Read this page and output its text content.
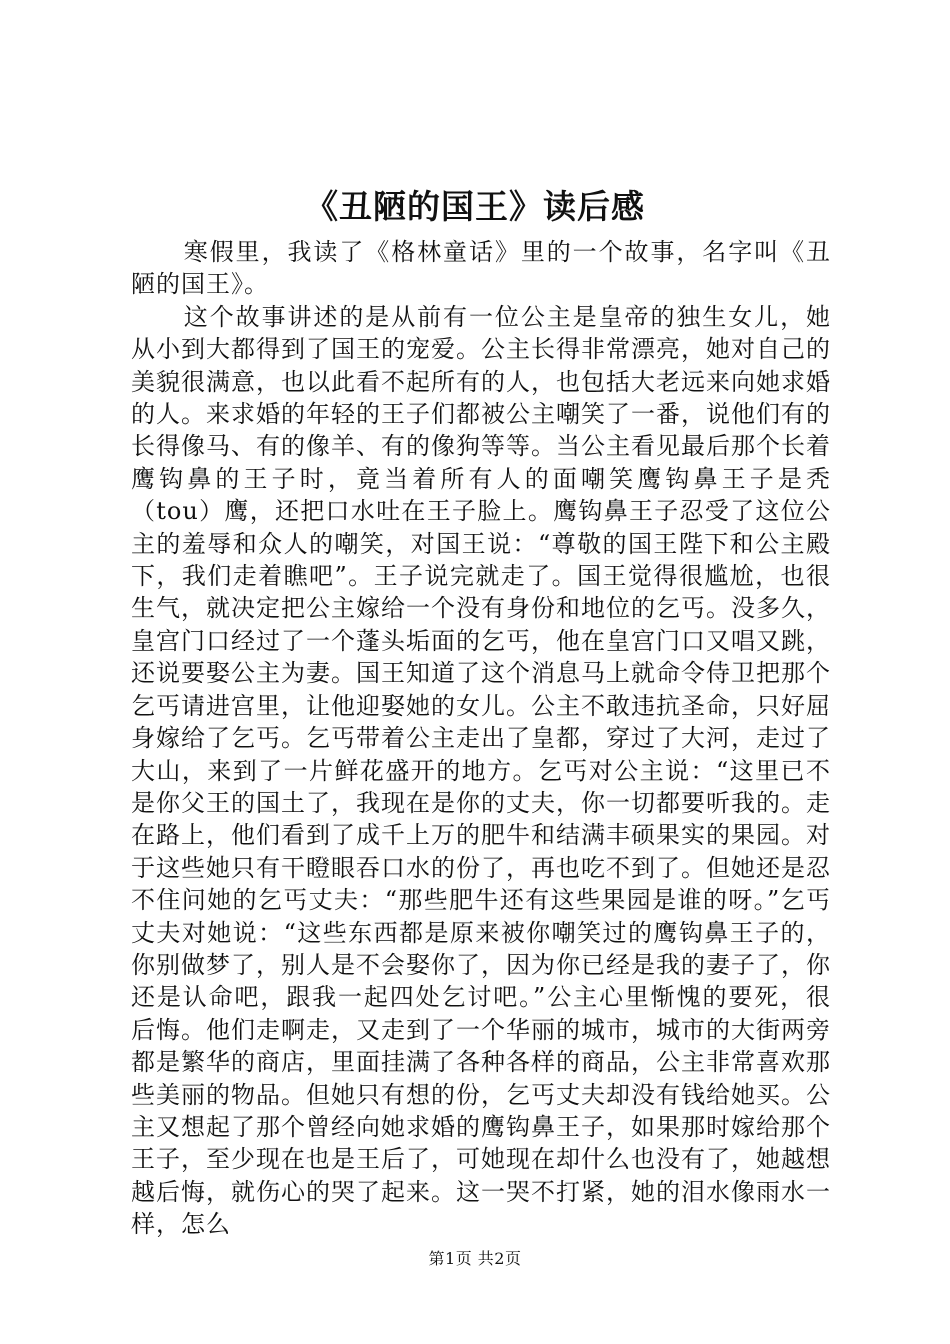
《丑陋的国王》读后感

寒假里，我读了《格林童话》里的一个故事，名字叫《丑陋的国王》。

这个故事讲述的是从前有一位公主是皇帝的独生女儿，她从小到大都得到了国王的宠爱。公主长得非常漂亮，她对自己的美貌很满意，也以此看不起所有的人，也包括大老远来向她求婚的人。来求婚的年轻的王子们都被公主嘲笑了一番，说他们有的长得像马、有的像羊、有的像狗等等。当公主看见最后那个长着鹰钩鼻的王子时，竟当着所有人的面嘲笑鹰钩鼻王子是秃（tou）鹰，还把口水吐在王子脸上。鹰钩鼻王子忍受了这位公主的羞辱和众人的嘲笑，对国王说：“尊敬的国王陛下和公主殿下，我们走着瞧吧”。王子说完就走了。国王觉得很尴尬，也很生气，就决定把公主嫁给一个没有身份和地位的乞丐。没多久，皇宫门口经过了一个蓬头垢面的乞丐，他在皇宫门口又唱又跳，还说要娶公主为妻。国王知道了这个消息马上就命令侍卫把那个乞丐请进宫里，让他迎娶她的女儿。公主不敢违抗圣命，只好屈身嫁给了乞丐。乞丐带着公主走出了皇都，穿过了大河，走过了大山，来到了一片鲜花盛开的地方。乞丐对公主说：“这里已不是你父王的国土了，我现在是你的丈夫，你一切都要听我的。走在路上，他们看到了成千上万的肥牛和结满丰硕果实的果园。对于这些她只有干瞪眼吞口水的份了，再也吃不到了。但她还是忍不住问她的乞丐丈夫：“那些肥牛还有这些果园是谁的呀。”乞丐丈夫对她说：“这些东西都是原来被你嘲笑过的鹰钩鼻王子的，你别做梦了，别人是不会娶你了，因为你已经是我的妻子了，你还是认命吧，跟我一起四处乞讨吧。”公主心里惭愧的要死，很后悔。他们走啊走，又走到了一个华丽的城市，城市的大街两旁都是繁华的商店，里面挂满了各种各样的商品，公主非常喜欢那些美丽的物品。但她只有想的份，乞丐丈夫却没有钱给她买。公主又想起了那个曾经向她求婚的鹰钩鼻王子，如果那时嫁给那个王子，至少现在也是王后了，可她现在却什么也没有了，她越想越后悔，就伤心的哭了起来。这一哭不打紧，她的泪水像雨水一样，怎么

第1页 共2页
